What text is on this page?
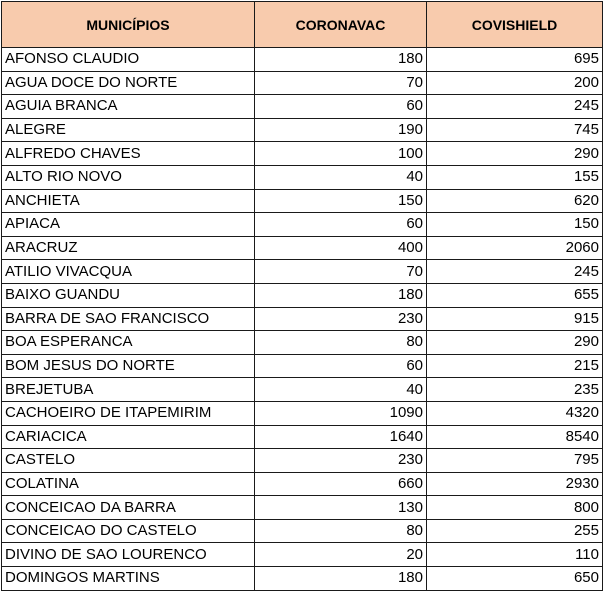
MUNICÍPIOS	CORONAVAC	COVISHIELD
AFONSO CLAUDIO	180	695
AGUA DOCE DO NORTE	70	200
AGUIA BRANCA	60	245
ALEGRE	190	745
ALFREDO CHAVES	100	290
ALTO RIO NOVO	40	155
ANCHIETA	150	620
APIACA	60	150
ARACRUZ	400	2060
ATILIO VIVACQUA	70	245
BAIXO GUANDU	180	655
BARRA DE SAO FRANCISCO	230	915
BOA ESPERANCA	80	290
BOM JESUS DO NORTE	60	215
BREJETUBA	40	235
CACHOEIRO DE ITAPEMIRIM	1090	4320
CARIACICA	1640	8540
CASTELO	230	795
COLATINA	660	2930
CONCEICAO DA BARRA	130	800
CONCEICAO DO CASTELO	80	255
DIVINO DE SAO LOURENCO	20	110
DOMINGOS MARTINS	180	650
